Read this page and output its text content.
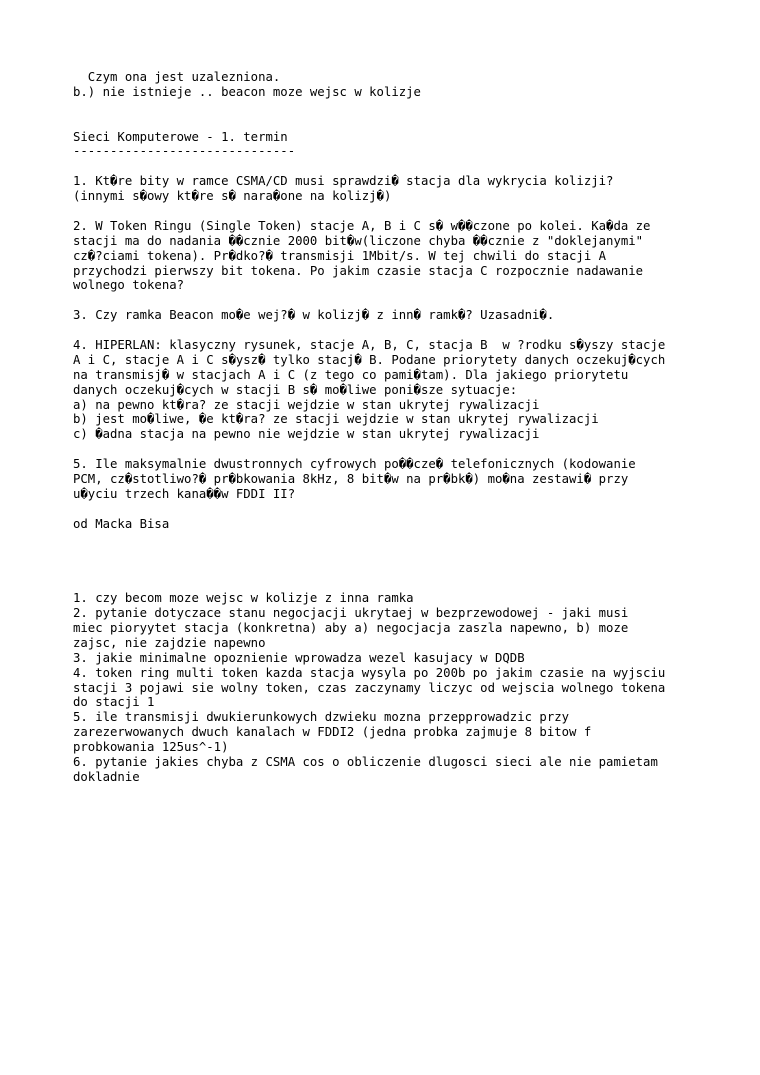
Czym ona jest uzalezniona.
b.) nie istnieje .. beacon moze wejsc w kolizje
Sieci Komputerowe - 1. termin
------------------------------
1. Kt�re bity w ramce CSMA/CD musi sprawdzi� stacja dla wykrycia kolizji?
(innymi s�owy kt�re s� nara�one na kolizj�)
2. W Token Ringu (Single Token) stacje A, B i C s� w��czone po kolei. Ka�da ze
stacji ma do nadania ��cznie 2000 bit�w(liczone chyba ��cznie z "doklejanymi"
cz�?ciami tokena). Pr�dko?� transmisji 1Mbit/s. W tej chwili do stacji A
przychodzi pierwszy bit tokena. Po jakim czasie stacja C rozpocznie nadawanie
wolnego tokena?
3. Czy ramka Beacon mo�e wej?� w kolizj� z inn� ramk�? Uzasadni�.
4. HIPERLAN: klasyczny rysunek, stacje A, B, C, stacja B  w ?rodku s�yszy stacje
A i C, stacje A i C s�ysz� tylko stacj� B. Podane priorytety danych oczekuj�cych
na transmisj� w stacjach A i C (z tego co pami�tam). Dla jakiego priorytetu
danych oczekuj�cych w stacji B s� mo�liwe poni�sze sytuacje:
a) na pewno kt�ra? ze stacji wejdzie w stan ukrytej rywalizacji
b) jest mo�liwe, �e kt�ra? ze stacji wejdzie w stan ukrytej rywalizacji
c) �adna stacja na pewno nie wejdzie w stan ukrytej rywalizacji
5. Ile maksymalnie dwustronnych cyfrowych po��cze� telefonicznych (kodowanie
PCM, cz�stotliwo?� pr�bkowania 8kHz, 8 bit�w na pr�bk�) mo�na zestawi� przy
u�yciu trzech kana��w FDDI II?
od Macka Bisa
1. czy becom moze wejsc w kolizje z inna ramka
2. pytanie dotyczace stanu negocjacji ukrytaej w bezprzewodowej - jaki musi
miec pioryytet stacja (konkretna) aby a) negocjacja zaszla napewno, b) moze
zajsc, nie zajdzie napewno
3. jakie minimalne opoznienie wprowadza wezel kasujacy w DQDB
4. token ring multi token kazda stacja wysyla po 200b po jakim czasie na wyjsciu
stacji 3 pojawi sie wolny token, czas zaczynamy liczyc od wejscia wolnego tokena
do stacji 1
5. ile transmisji dwukierunkowych dzwieku mozna przepprowadzic przy
zarezerwowanych dwuch kanalach w FDDI2 (jedna probka zajmuje 8 bitow f
probkowania 125us^-1)
6. pytanie jakies chyba z CSMA cos o obliczenie dlugosci sieci ale nie pamietam
dokladnie
